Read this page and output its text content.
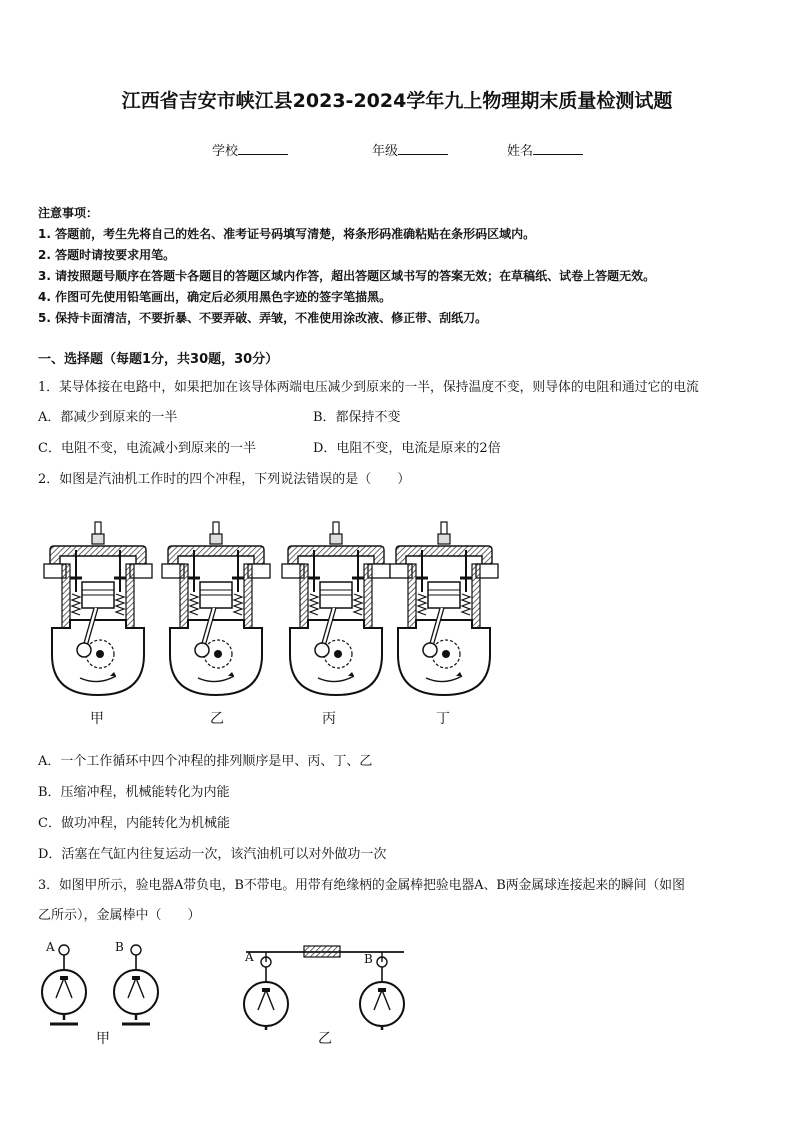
江西省吉安市峡江县2023-2024学年九上物理期末质量检测试题
学校	年级	姓名
注意事项：
1. 答题前，考生先将自己的姓名、准考证号码填写清楚，将条形码准确粘贴在条形码区域内。
2. 答题时请按要求用笔。
3. 请按照题号顺序在答题卡各题目的答题区域内作答，超出答题区域书写的答案无效；在草稿纸、试卷上答题无效。
4. 作图可先使用铅笔画出，确定后必须用黑色字迹的签字笔描黑。
5. 保持卡面清洁，不要折暴、不要弄破、弄皱，不准使用涂改液、修正带、刮纸刀。
一、选择题（每题1分，共30题，30分）
1．某导体接在电路中，如果把加在该导体两端电压减少到原来的一半，保持温度不变，则导体的电阻和通过它的电流
A．都减少到原来的一半	B．都保持不变
C．电阻不变，电流减小到原来的一半	D．电阻不变，电流是原来的2倍
2．如图是汽油机工作时的四个冲程，下列说法错误的是（　　）
甲	乙	丙	丁
A．一个工作循环中四个冲程的排列顺序是甲、丙、丁、乙
B．压缩冲程，机械能转化为内能
C．做功冲程，内能转化为机械能
D．活塞在气缸内往复运动一次，该汽油机可以对外做功一次
3．如图甲所示，验电器A带负电，B不带电。用带有绝缘柄的金属棒把验电器A、B两金属球连接起来的瞬间（如图
乙所示），金属棒中（　　）
A	B
A	B
甲	乙
